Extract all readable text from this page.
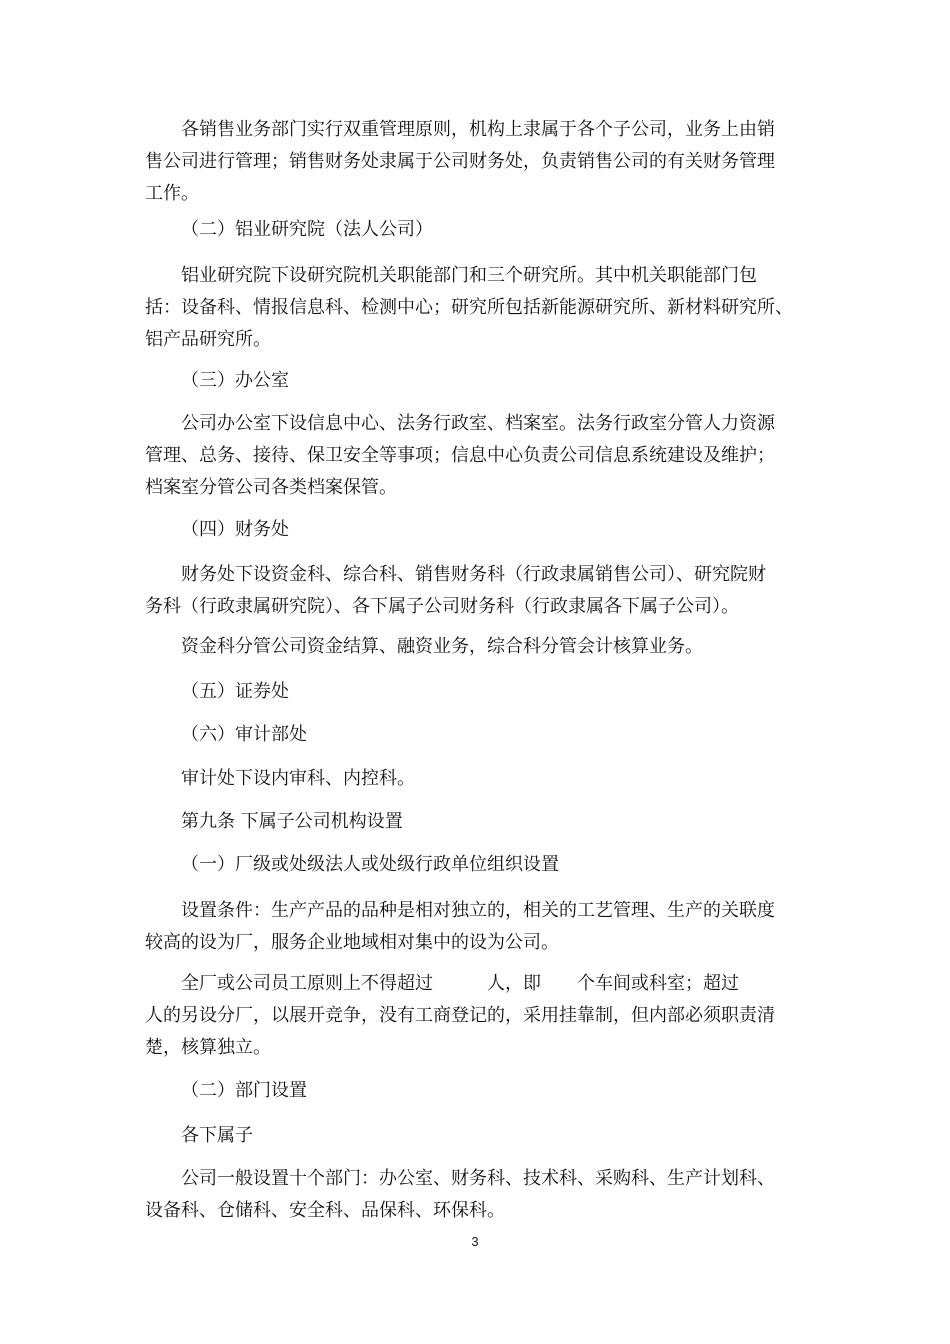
各销售业务部门实行双重管理原则，机构上隶属于各个子公司，业务上由销
售公司进行管理；销售财务处隶属于公司财务处，负责销售公司的有关财务管理
工作。

（二）铝业研究院（法人公司）

铝业研究院下设研究院机关职能部门和三个研究所。其中机关职能部门包
括：设备科、情报信息科、检测中心；研究所包括新能源研究所、新材料研究所、
铝产品研究所。

（三）办公室

公司办公室下设信息中心、法务行政室、档案室。法务行政室分管人力资源
管理、总务、接待、保卫安全等事项；信息中心负责公司信息系统建设及维护；
档案室分管公司各类档案保管。

（四）财务处

财务处下设资金科、综合科、销售财务科（行政隶属销售公司）、研究院财
务科（行政隶属研究院）、各下属子公司财务科（行政隶属各下属子公司）。

资金科分管公司资金结算、融资业务，综合科分管会计核算业务。

（五）证券处

（六）审计部处

审计处下设内审科、内控科。

第九条 下属子公司机构设置

（一）厂级或处级法人或处级行政单位组织设置

设置条件：生产产品的品种是相对独立的，相关的工艺管理、生产的关联度
较高的设为厂，服务企业地域相对集中的设为公司。

全厂或公司员工原则上不得超过　　　人，即　　个车间或科室；超过
人的另设分厂，以展开竞争，没有工商登记的，采用挂靠制，但内部必须职责清
楚，核算独立。

（二）部门设置

各下属子

公司一般设置十个部门：办公室、财务科、技术科、采购科、生产计划科、
设备科、仓储科、安全科、品保科、环保科。

3
